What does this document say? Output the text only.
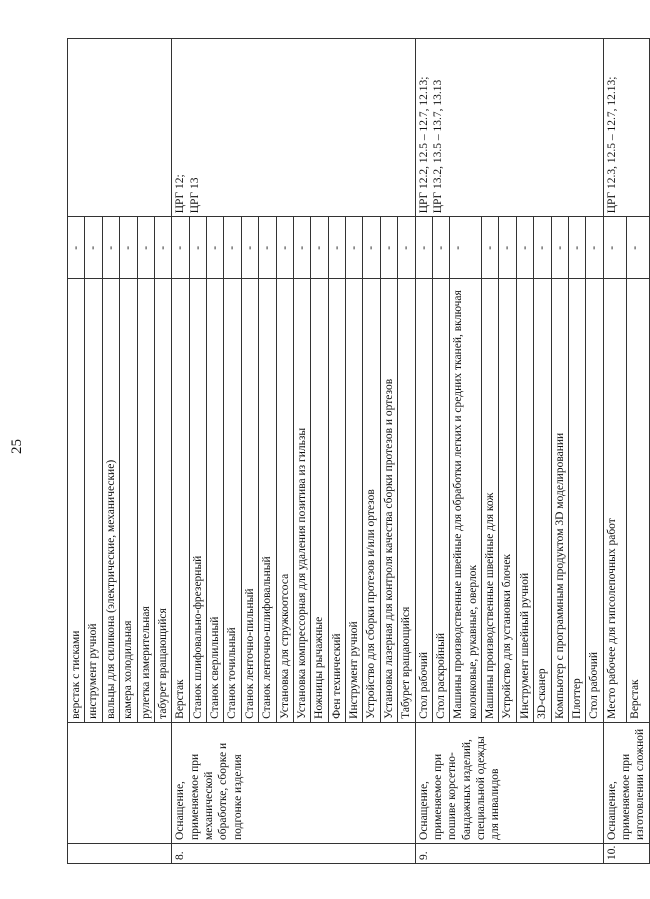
25
		верстак с тисками	-	
		инструмент ручной	-	
		вальцы для силикона (электрические, механические)	-	
		камера холодильная	-	
		рулетка измерительная	-	
		табурет вращающийся	-	
8.	Оснащение, применяемое при механической обработке, сборке и подгонке изделия	Верстак	-	ЦРГ 12;
ЦРГ 13
		Станок шлифовально-фрезерный	-	
		Станок сверлильный	-	
		Станок точильный	-	
		Станок ленточно-пильный	-	
		Станок ленточно-шлифовальный	-	
		Установка для стружкоотсоса	-	
		Установка компрессорная для удаления позитива из гильзы	-	
		Ножницы рычажные	-	
		Фен технический	-	
		Инструмент ручной	-	
		Устройство для сборки протезов и/или ортезов	-	
		Установка лазерная для контроля качества сборки протезов и ортезов	-	
		Табурет вращающийся	-	
9.	Оснащение, применяемое при пошиве корсетно-бандажных изделий, специальной одежды для инвалидов	Стол рабочий	-	ЦРГ 12.2, 12.5 – 12.7, 12.13;
ЦРГ 13.2, 13.5 – 13.7, 13.13
		Стол раскройный	-	
		Машины производственные швейные для обработки легких и средних тканей, включая колонковые, рукавные, оверлок	-	
		Машины производственные швейные для кож	-	
		Устройство для установки блочек	-	
		Инструмент швейный ручной	-	
		3D-сканер	-	
		Компьютер с программным продуктом 3D моделировании	-	
		Плоттер	-	
		Стол рабочий	-	
10.	Оснащение, применяемое при изготовлении сложной	Место рабочее для гипсолепочных работ	-	ЦРГ 12.3, 12.5 – 12.7, 12.13;
		Верстак	-	
